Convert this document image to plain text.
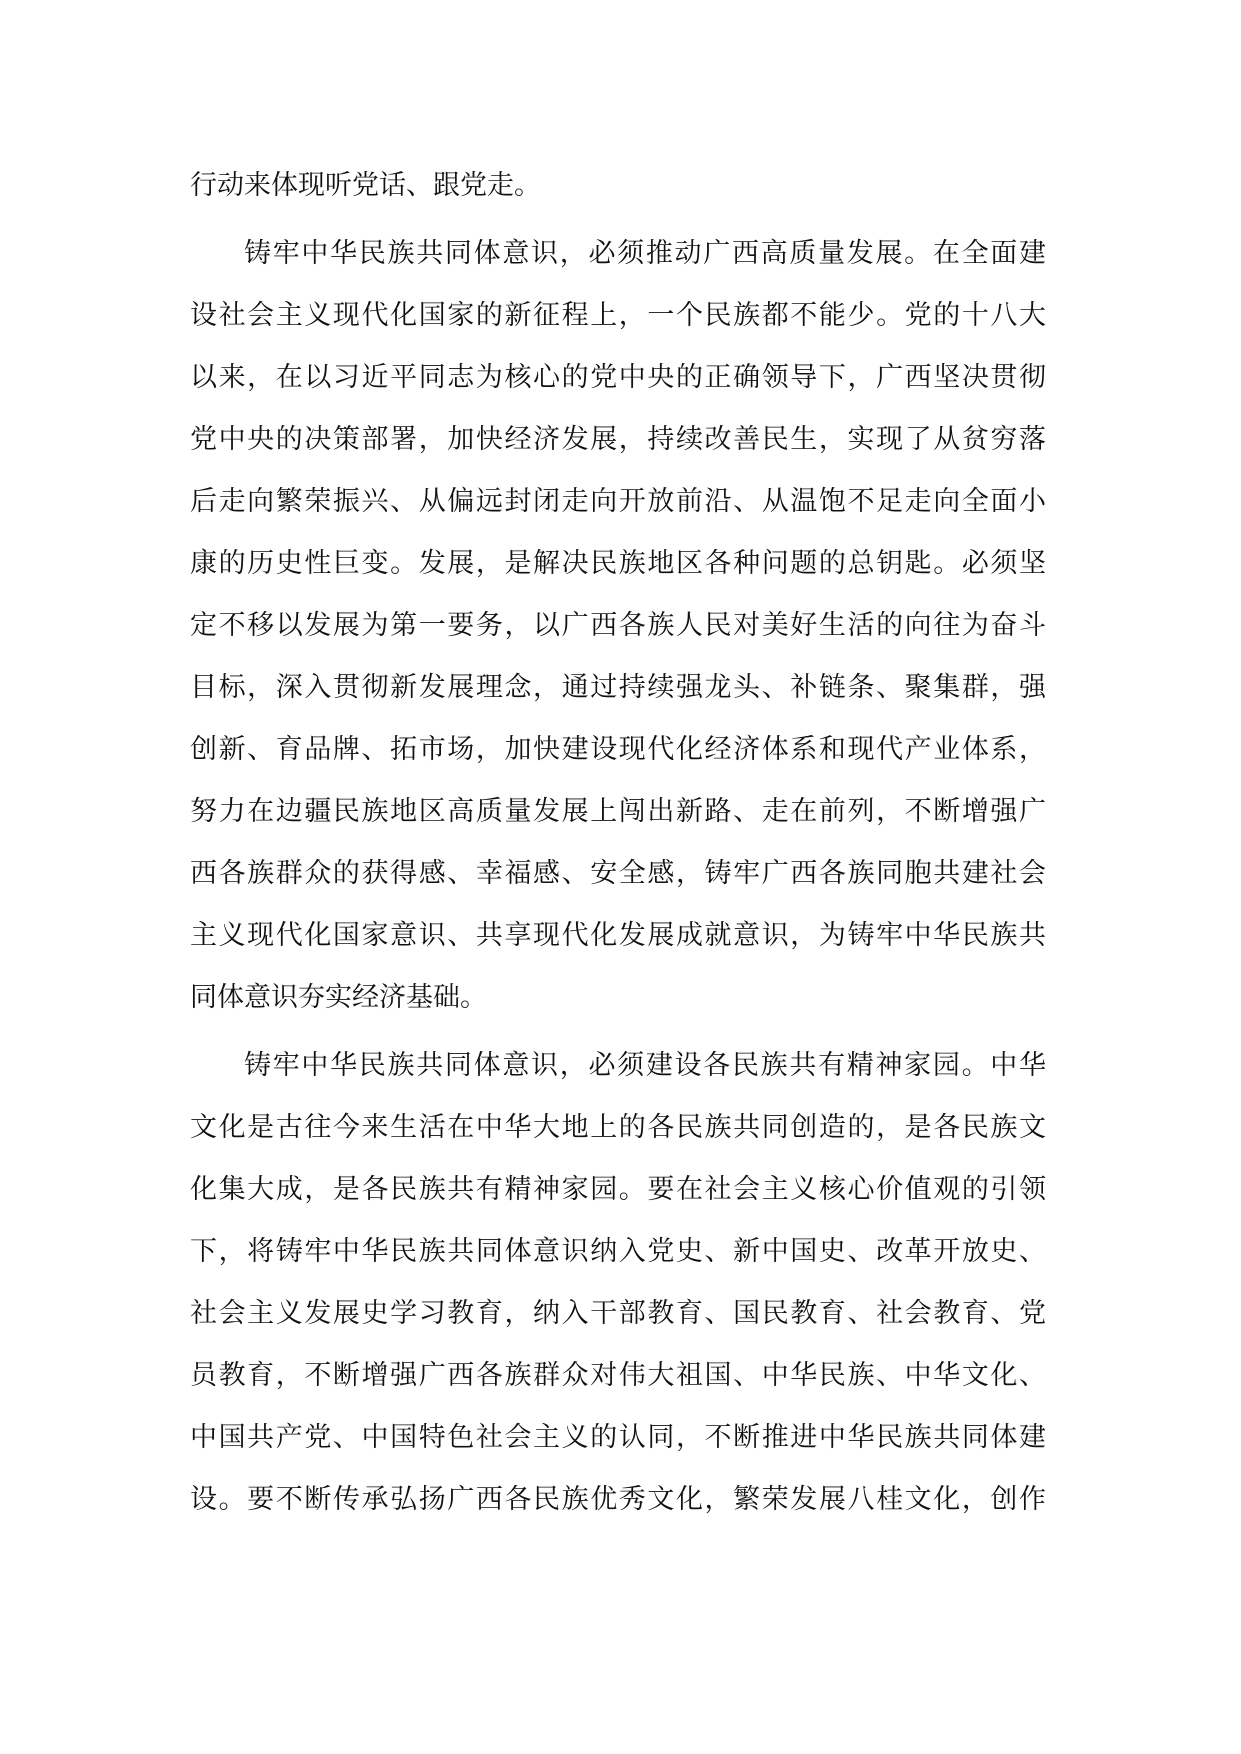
行动来体现听党话、跟党走。
铸牢中华民族共同体意识，必须推动广西高质量发展。在全面建
设社会主义现代化国家的新征程上，一个民族都不能少。党的十八大
以来，在以习近平同志为核心的党中央的正确领导下，广西坚决贯彻
党中央的决策部署，加快经济发展，持续改善民生，实现了从贫穷落
后走向繁荣振兴、从偏远封闭走向开放前沿、从温饱不足走向全面小
康的历史性巨变。发展，是解决民族地区各种问题的总钥匙。必须坚
定不移以发展为第一要务，以广西各族人民对美好生活的向往为奋斗
目标，深入贯彻新发展理念，通过持续强龙头、补链条、聚集群，强
创新、育品牌、拓市场，加快建设现代化经济体系和现代产业体系，
努力在边疆民族地区高质量发展上闯出新路、走在前列，不断增强广
西各族群众的获得感、幸福感、安全感，铸牢广西各族同胞共建社会
主义现代化国家意识、共享现代化发展成就意识，为铸牢中华民族共
同体意识夯实经济基础。
铸牢中华民族共同体意识，必须建设各民族共有精神家园。中华
文化是古往今来生活在中华大地上的各民族共同创造的，是各民族文
化集大成，是各民族共有精神家园。要在社会主义核心价值观的引领
下，将铸牢中华民族共同体意识纳入党史、新中国史、改革开放史、
社会主义发展史学习教育，纳入干部教育、国民教育、社会教育、党
员教育，不断增强广西各族群众对伟大祖国、中华民族、中华文化、
中国共产党、中国特色社会主义的认同，不断推进中华民族共同体建
设。要不断传承弘扬广西各民族优秀文化，繁荣发展八桂文化，创作
